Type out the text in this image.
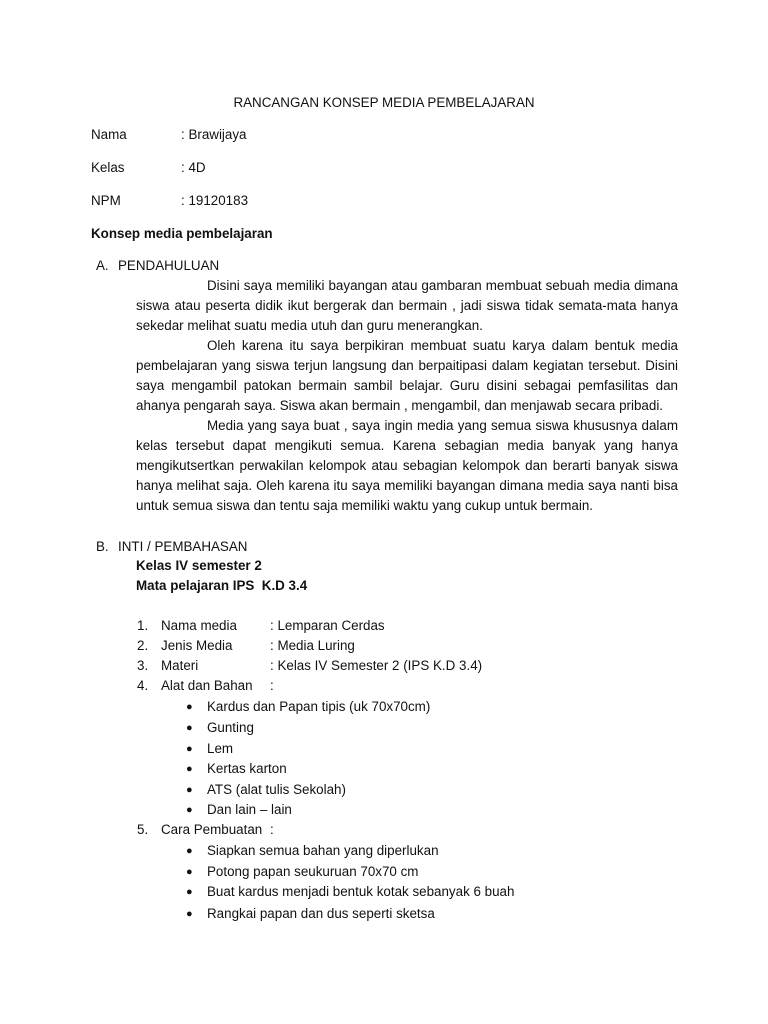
RANCANGAN KONSEP MEDIA PEMBELAJARAN
Nama	: Brawijaya
Kelas	: 4D
NPM	: 19120183
Konsep media pembelajaran
A. PENDAHULUAN
Disini saya memiliki bayangan atau gambaran membuat sebuah media dimana siswa atau peserta didik ikut bergerak dan bermain , jadi siswa tidak semata-mata hanya sekedar melihat suatu media utuh dan guru menerangkan.
Oleh karena itu saya berpikiran membuat suatu karya dalam bentuk media pembelajaran yang siswa terjun langsung dan berpaitipasi dalam kegiatan tersebut. Disini saya mengambil patokan bermain sambil belajar. Guru disini sebagai pemfasilitas dan ahanya pengarah saya. Siswa akan bermain , mengambil, dan menjawab secara pribadi.
Media yang saya buat , saya ingin media yang semua siswa khususnya dalam kelas tersebut dapat mengikuti semua. Karena sebagian media banyak yang hanya mengikutsertkan perwakilan kelompok atau sebagian kelompok dan berarti banyak siswa hanya melihat saja. Oleh karena itu saya memiliki bayangan dimana media saya nanti bisa untuk semua siswa dan tentu saja memiliki waktu yang cukup untuk bermain.
B. INTI / PEMBAHASAN
Kelas IV semester 2
Mata pelajaran IPS  K.D 3.4
1. Nama media : Lemparan Cerdas
2. Jenis Media	: Media Luring
3. Materi	: Kelas IV Semester 2 (IPS K.D 3.4)
4. Alat dan Bahan :
● Kardus dan Papan tipis (uk 70x70cm)
● Gunting
● Lem
● Kertas karton
● ATS (alat tulis Sekolah)
● Dan lain – lain
5. Cara Pembuatan :
● Siapkan semua bahan yang diperlukan
● Potong papan seukuruan 70x70 cm
● Buat kardus menjadi bentuk kotak sebanyak 6 buah
● Rangkai papan dan dus seperti sketsa
